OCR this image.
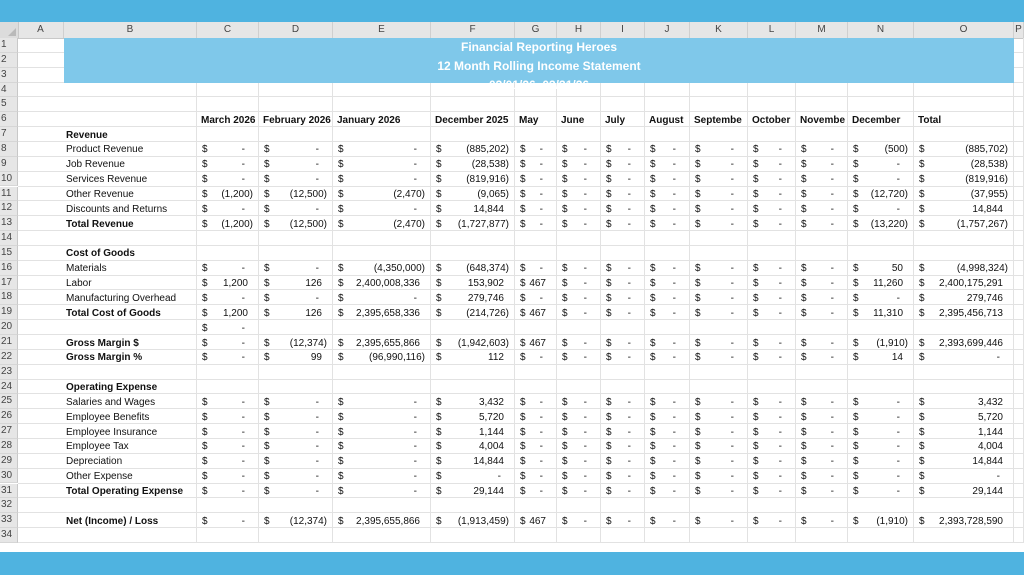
A	B	C	D	E	F	G	H	I	J	K	L	M	N	O	P
1
2
3
4
5
6
7
8
9
10
11
12
13
14
15
16
17
18
19
20
21
22
23
24
25
26
27
28
29
30
31
32
33
34
Financial Reporting Heroes
12 Month Rolling Income Statement
03/01/26..03/31/26
March 2026 February 2026 January 2026	December 2025	May	June	July	August	Septembe	October Novembe December	Total
Revenue
Product Revenue	$	-	$	-	$	-	$	(885,202) $	-	$	-	$	-	$	-	$	-	$	-	$	-	$	(500) $	(885,702)
Job Revenue	$	-	$	-	$	-	$	(28,538) $	-	$	-	$	-	$	-	$	-	$	-	$	-	$	-	$	(28,538)
Services Revenue	$	-	$	-	$	-	$	(819,916) $	-	$	-	$	-	$	-	$	-	$	-	$	-	$	-	$	(819,916)
Other Revenue	$	(1,200) $	(12,500) $	(2,470) $	(9,065) $	-	$	-	$	-	$	-	$	-	$	-	$	-	$	(12,720) $	(37,955)
Discounts and Returns	$	-	$	-	$	-	$	14,844	$	-	$	-	$	-	$	-	$	-	$	-	$	-	$	-	$	14,844
Total Revenue	$	(1,200) $	(12,500) $	(2,470) $	(1,727,877) $	-	$	-	$	-	$	-	$	-	$	-	$	-	$	(13,220) $	(1,757,267)
Cost of Goods
Materials	$	-	$	-	$	(4,350,000) $	(648,374) $	-	$	-	$	-	$	-	$	-	$	-	$	-	$	50	$	(4,998,324)
Labor	$	1,200	$	126	$	2,400,008,336	$	153,902	$ 467	$	-	$	-	$	-	$	-	$	-	$	-	$	11,260	$	2,400,175,291
Manufacturing Overhead	$	-	$	-	$	-	$	279,746	$	-	$	-	$	-	$	-	$	-	$	-	$	-	$	-	$	279,746
Total Cost of Goods	$	1,200	$	126	$	2,395,658,336	$	(214,726) $ 467	$	-	$	-	$	-	$	-	$	-	$	-	$	11,310	$	2,395,456,713
$	-
Gross Margin $	$	-	$	(12,374) $	2,395,655,866	$	(1,942,603) $ 467	$	-	$	-	$	-	$	-	$	-	$	-	$	(1,910) $	2,393,699,446
Gross Margin %	$	-	$	99	$	(96,990,116) $	112	$	-	$	-	$	-	$	-	$	-	$	-	$	-	$	14	$	-
Operating Expense
Salaries and Wages	$	-	$	-	$	-	$	3,432	$	-	$	-	$	-	$	-	$	-	$	-	$	-	$	-	$	3,432
Employee Benefits	$	-	$	-	$	-	$	5,720	$	-	$	-	$	-	$	-	$	-	$	-	$	-	$	-	$	5,720
Employee Insurance	$	-	$	-	$	-	$	1,144	$	-	$	-	$	-	$	-	$	-	$	-	$	-	$	-	$	1,144
Employee Tax	$	-	$	-	$	-	$	4,004	$	-	$	-	$	-	$	-	$	-	$	-	$	-	$	-	$	4,004
Depreciation	$	-	$	-	$	-	$	14,844	$	-	$	-	$	-	$	-	$	-	$	-	$	-	$	-	$	14,844
Other Expense	$	-	$	-	$	-	$	-	$	-	$	-	$	-	$	-	$	-	$	-	$	-	$	-	$	-
Total Operating Expense	$	-	$	-	$	-	$	29,144	$	-	$	-	$	-	$	-	$	-	$	-	$	-	$	-	$	29,144
Net (Income) / Loss	$	-	$	(12,374) $	2,395,655,866	$	(1,913,459) $ 467	$	-	$	-	$	-	$	-	$	-	$	-	$	(1,910) $	2,393,728,590
